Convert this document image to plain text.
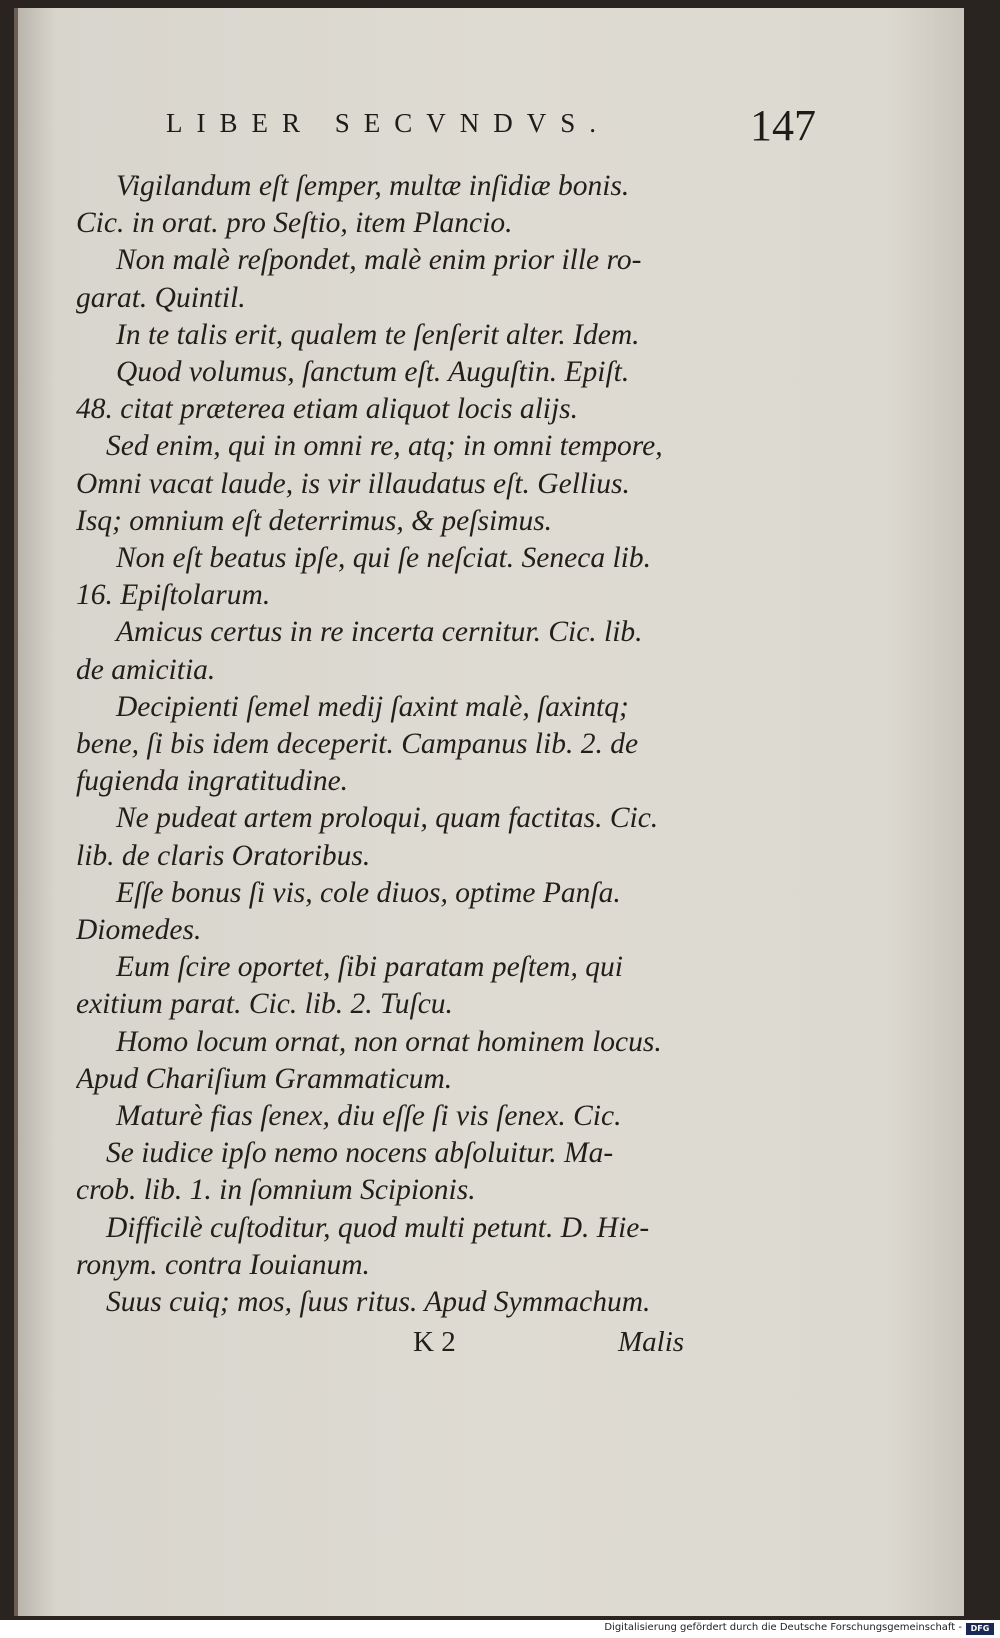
LIBER SECVNDVS.	147
Vigilandum eſt ſemper, multæ inſidiæ bonis.
Cic. in orat. pro Seſtio, item Plancio.
Non malè reſpondet, malè enim prior ille ro-
garat. Quintil.
In te talis erit, qualem te ſenſerit alter. Idem.
Quod volumus, ſanctum eſt. Auguſtin. Epiſt.
48. citat præterea etiam aliquot locis alijs.
Sed enim, qui in omni re, atq; in omni tempore,
Omni vacat laude, is vir illaudatus eſt. Gellius.
Isq; omnium eſt deterrimus, & peſsimus.
Non eſt beatus ipſe, qui ſe neſciat. Seneca lib.
16. Epiſtolarum.
Amicus certus in re incerta cernitur. Cic. lib.
de amicitia.
Decipienti ſemel medij ſaxint malè, ſaxintq;
bene, ſi bis idem deceperit. Campanus lib. 2. de
fugienda ingratitudine.
Ne pudeat artem proloqui, quam factitas. Cic.
lib. de claris Oratoribus.
Eſſe bonus ſi vis, cole diuos, optime Panſa.
Diomedes.
Eum ſcire oportet, ſibi paratam peſtem, qui
exitium parat. Cic. lib. 2. Tuſcu.
Homo locum ornat, non ornat hominem locus.
Apud Chariſium Grammaticum.
Maturè fias ſenex, diu eſſe ſi vis ſenex. Cic.
Se iudice ipſo nemo nocens abſoluitur. Ma-
crob. lib. 1. in ſomnium Scipionis.
Difficilè cuſtoditur, quod multi petunt. D. Hie-
ronym. contra Iouianum.
Suus cuiq; mos, ſuus ritus. Apud Symmachum.
K 2	Malis
Digitalisierung gefördert durch die Deutsche Forschungsgemeinschaft -	DFG
